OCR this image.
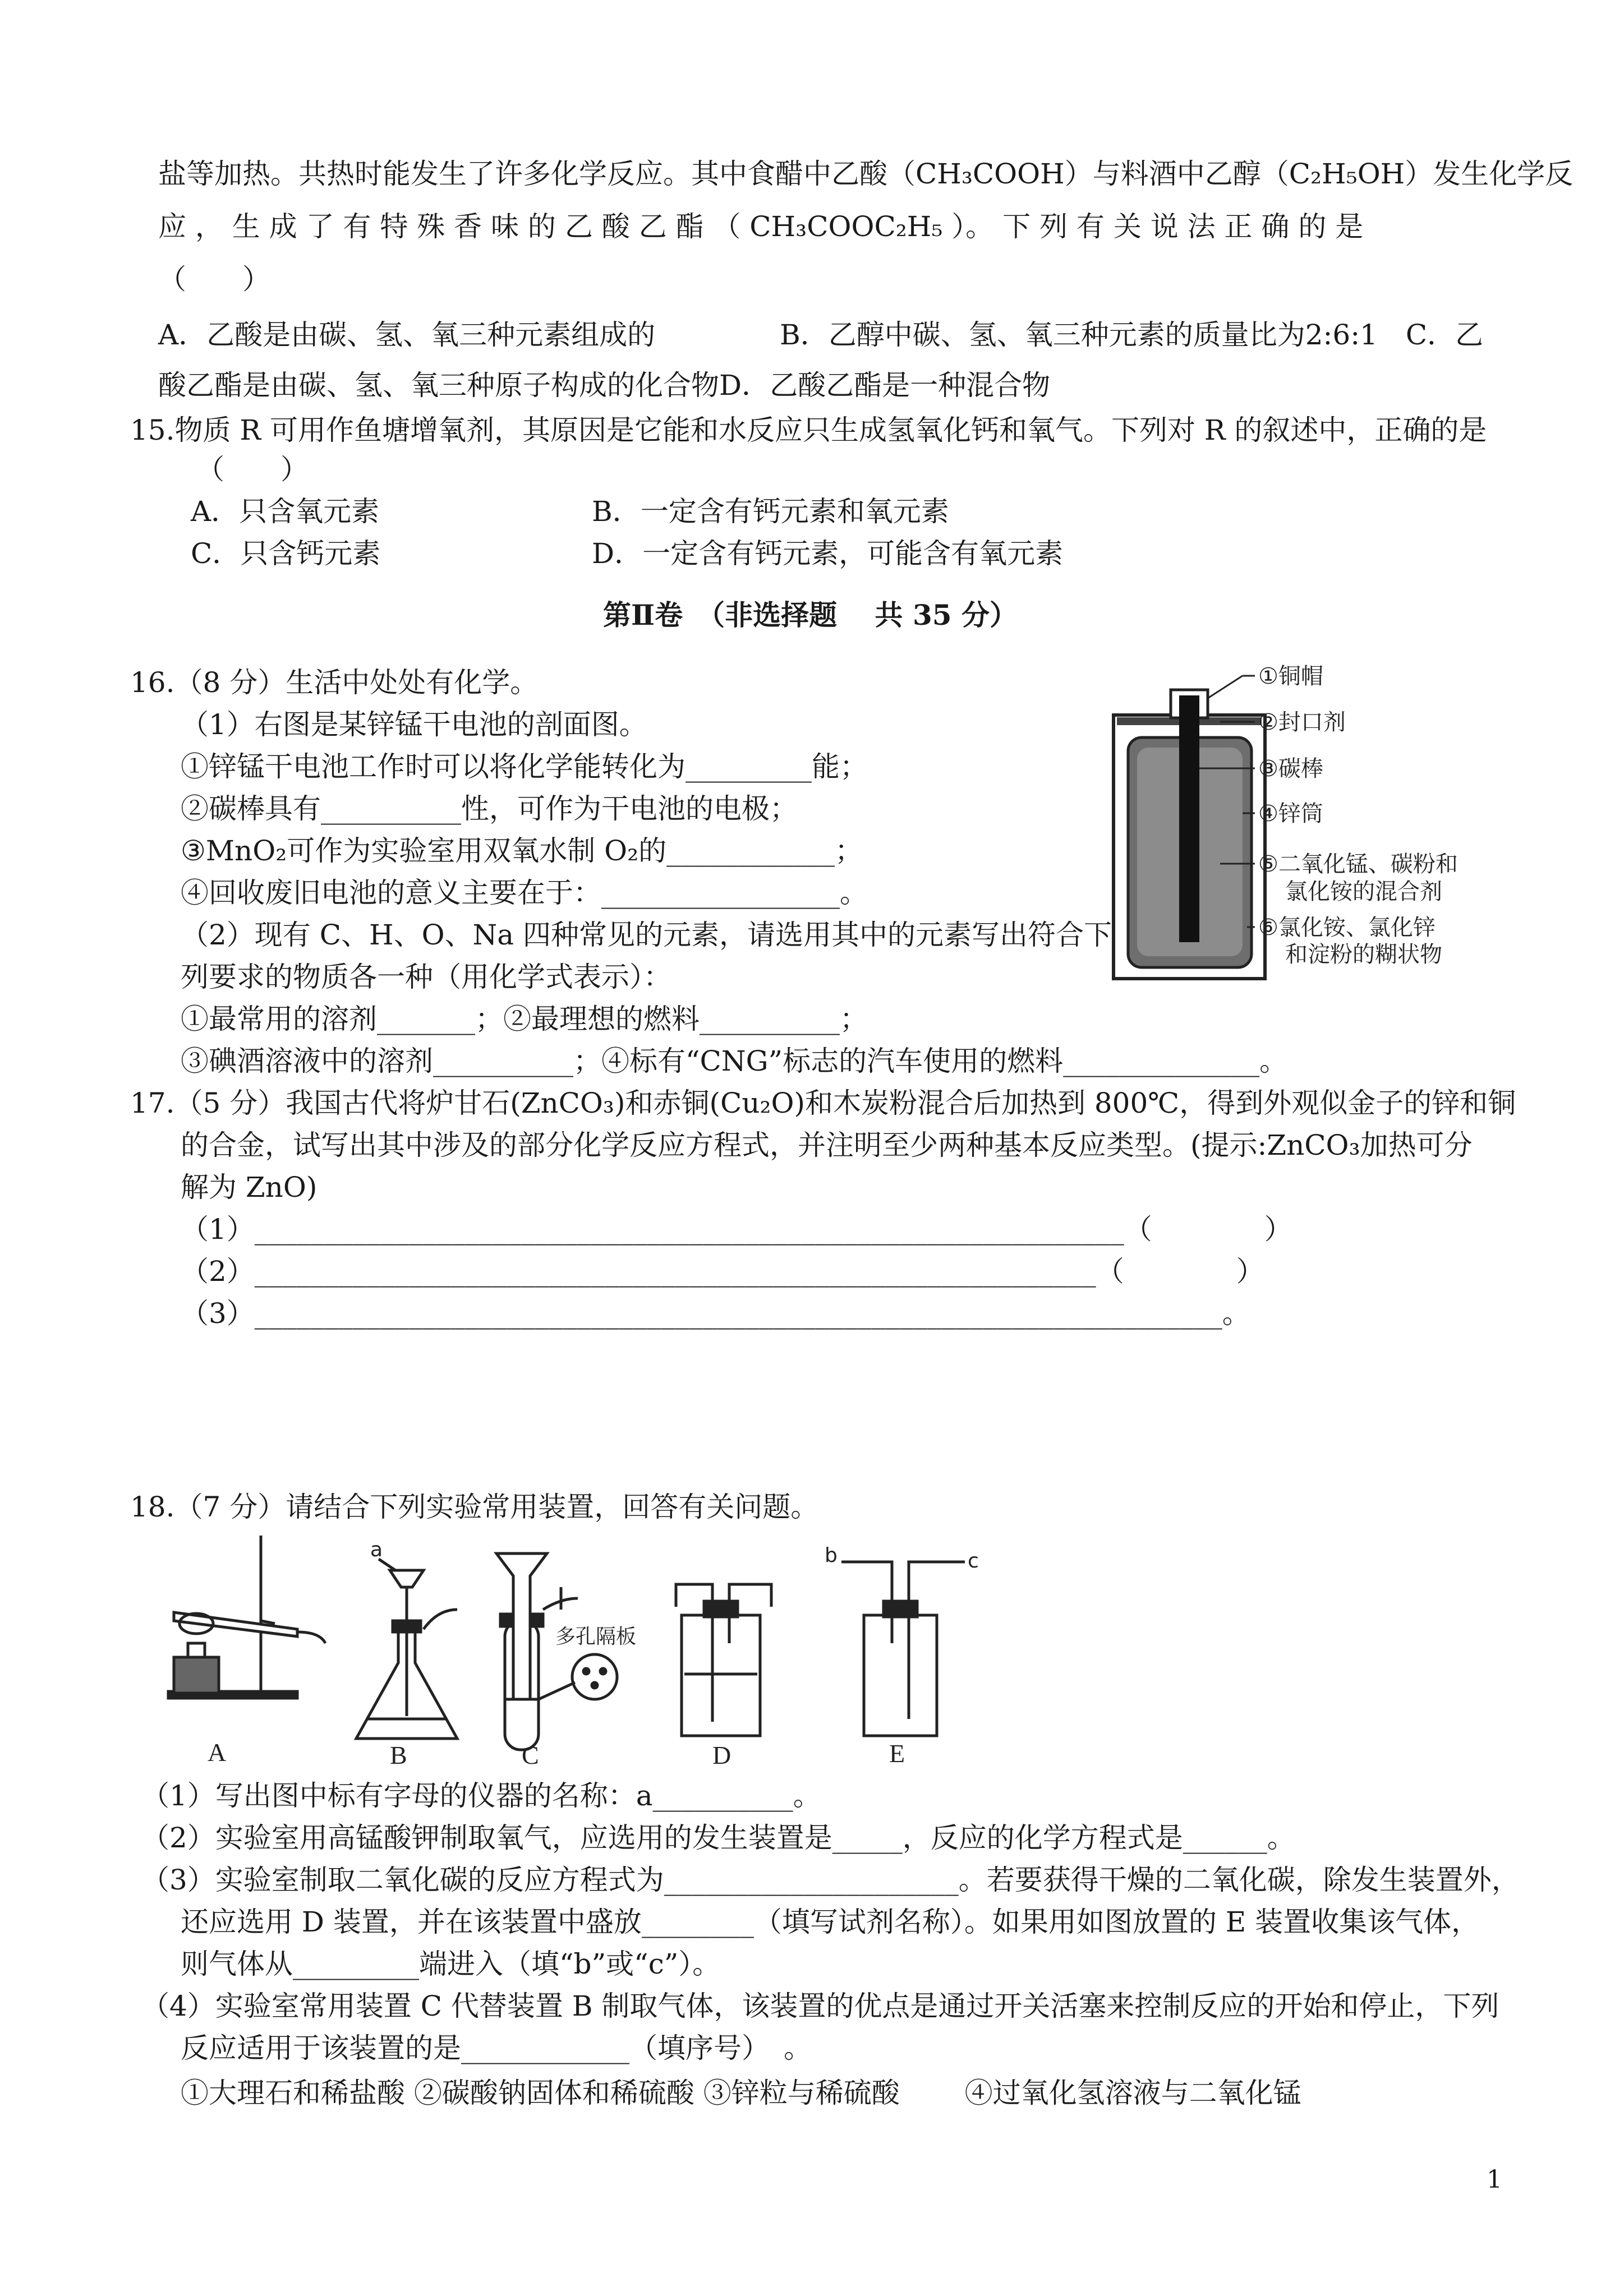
盐等加热。共热时能发生了许多化学反应。其中食醋中乙酸（CH₃COOH）与料酒中乙醇（C₂H₅OH）发生化学反
应 ， 生 成 了 有 特 殊 香 味 的 乙 酸 乙 酯 （ CH₃COOC₂H₅ ）。 下 列 有 关 说 法 正 确 的 是
（　　）
A．乙酸是由碳、氢、氧三种元素组成的	B．乙醇中碳、氢、氧三种元素的质量比为2:6:1　C．乙
酸乙酯是由碳、氢、氧三种原子构成的化合物D．乙酸乙酯是一种混合物
15.物质 R 可用作鱼塘增氧剂，其原因是它能和水反应只生成氢氧化钙和氧气。下列对 R 的叙述中，正确的是
（　　）
A．只含氧元素	B．一定含有钙元素和氧元素
C．只含钙元素	D．一定含有钙元素，可能含有氧元素
第Ⅱ卷　（非选择题　 共 35 分）
16.（8 分）生活中处处有化学。
（1）右图是某锌锰干电池的剖面图。
①锌锰干电池工作时可以将化学能转化为_________能；
②碳棒具有__________性，可作为干电池的电极；
③MnO₂可作为实验室用双氧水制 O₂的____________；
④回收废旧电池的意义主要在于：_________________。
（2）现有 C、H、O、Na 四种常见的元素，请选用其中的元素写出符合下
列要求的物质各一种（用化学式表示）：
①最常用的溶剂_______；②最理想的燃料__________；
③碘酒溶液中的溶剂__________；④标有“CNG”标志的汽车使用的燃料______________。
①铜帽
②封口剂
③碳棒
④锌筒
⑤二氧化锰、碳粉和
氯化铵的混合剂
⑥氯化铵、氯化锌
和淀粉的糊状物
17.（5 分）我国古代将炉甘石(ZnCO₃)和赤铜(Cu₂O)和木炭粉混合后加热到 800℃，得到外观似金子的锌和铜
的合金，试写出其中涉及的部分化学反应方程式，并注明至少两种基本反应类型。(提示:ZnCO₃加热可分
解为 ZnO)
（1）______________________________________________________________（　　　　）
（2）____________________________________________________________（　　　　）
（3）_____________________________________________________________________。
18.（7 分）请结合下列实验常用装置，回答有关问题。
a	b	c
多孔隔板
A	B	C	D	E
（1）写出图中标有字母的仪器的名称：a__________。
（2）实验室用高锰酸钾制取氧气，应选用的发生装置是_____，反应的化学方程式是______。
（3）实验室制取二氧化碳的反应方程式为_____________________。若要获得干燥的二氧化碳，除发生装置外，
还应选用 D 装置，并在该装置中盛放________（填写试剂名称）。如果用如图放置的 E 装置收集该气体，
则气体从_________端进入（填“b”或“c”）。
（4）实验室常用装置 C 代替装置 B 制取气体，该装置的优点是通过开关活塞来控制反应的开始和停止，下列
反应适用于该装置的是____________（填序号）　。
①大理石和稀盐酸 ②碳酸钠固体和稀硫酸 ③锌粒与稀硫酸　　 ④过氧化氢溶液与二氧化锰
1
